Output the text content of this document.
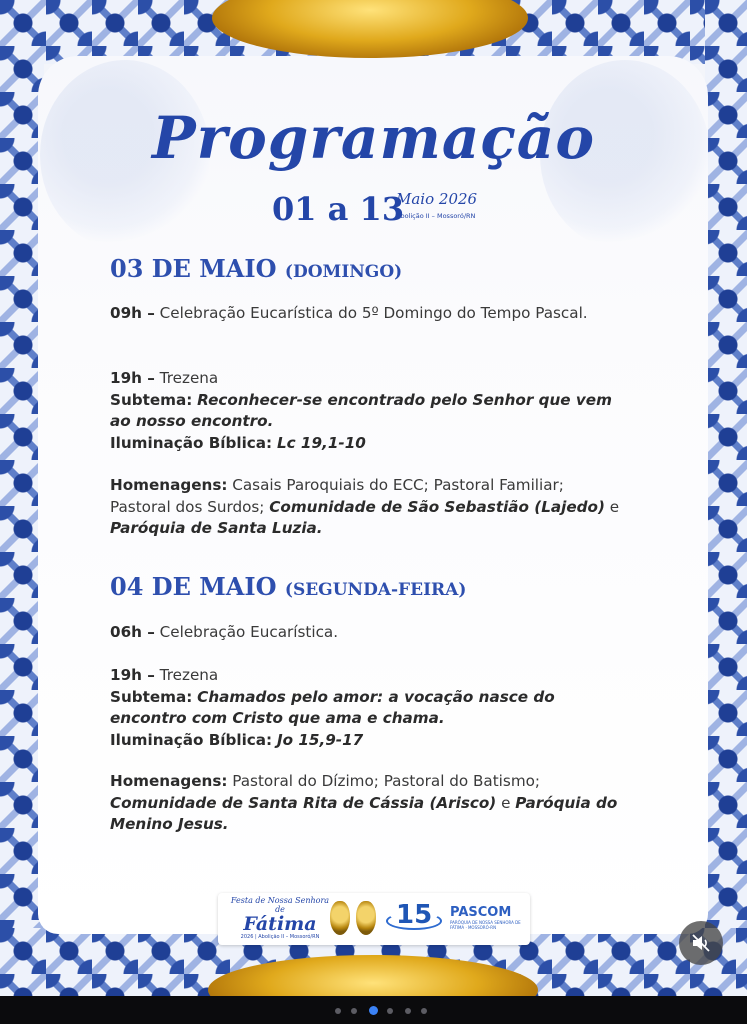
Programação
01 a 13
Maio 2026
Abolição II – Mossoró/RN
03 DE MAIO (DOMINGO)
09h – Celebração Eucarística do 5º Domingo do Tempo Pascal.
19h – Trezena
Subtema: Reconhecer-se encontrado pelo Senhor que vem ao nosso encontro.
Iluminação Bíblica: Lc 19,1-10
Homenagens: Casais Paroquiais do ECC; Pastoral Familiar; Pastoral dos Surdos; Comunidade de São Sebastião (Lajedo) e Paróquia de Santa Luzia.
04 DE MAIO (SEGUNDA-FEIRA)
06h – Celebração Eucarística.
19h – Trezena
Subtema: Chamados pelo amor: a vocação nasce do encontro com Cristo que ama e chama.
Iluminação Bíblica: Jo 15,9-17
Homenagens: Pastoral do Dízimo; Pastoral do Batismo; Comunidade de Santa Rita de Cássia (Arisco) e Paróquia do Menino Jesus.
Festa de Nossa Senhora de
Fátima
2026 | Abolição II – Mossoró/RN
15 PASCOM
PARÓQUIA DE NOSSA SENHORA DE FÁTIMA · MOSSORÓ-RN
